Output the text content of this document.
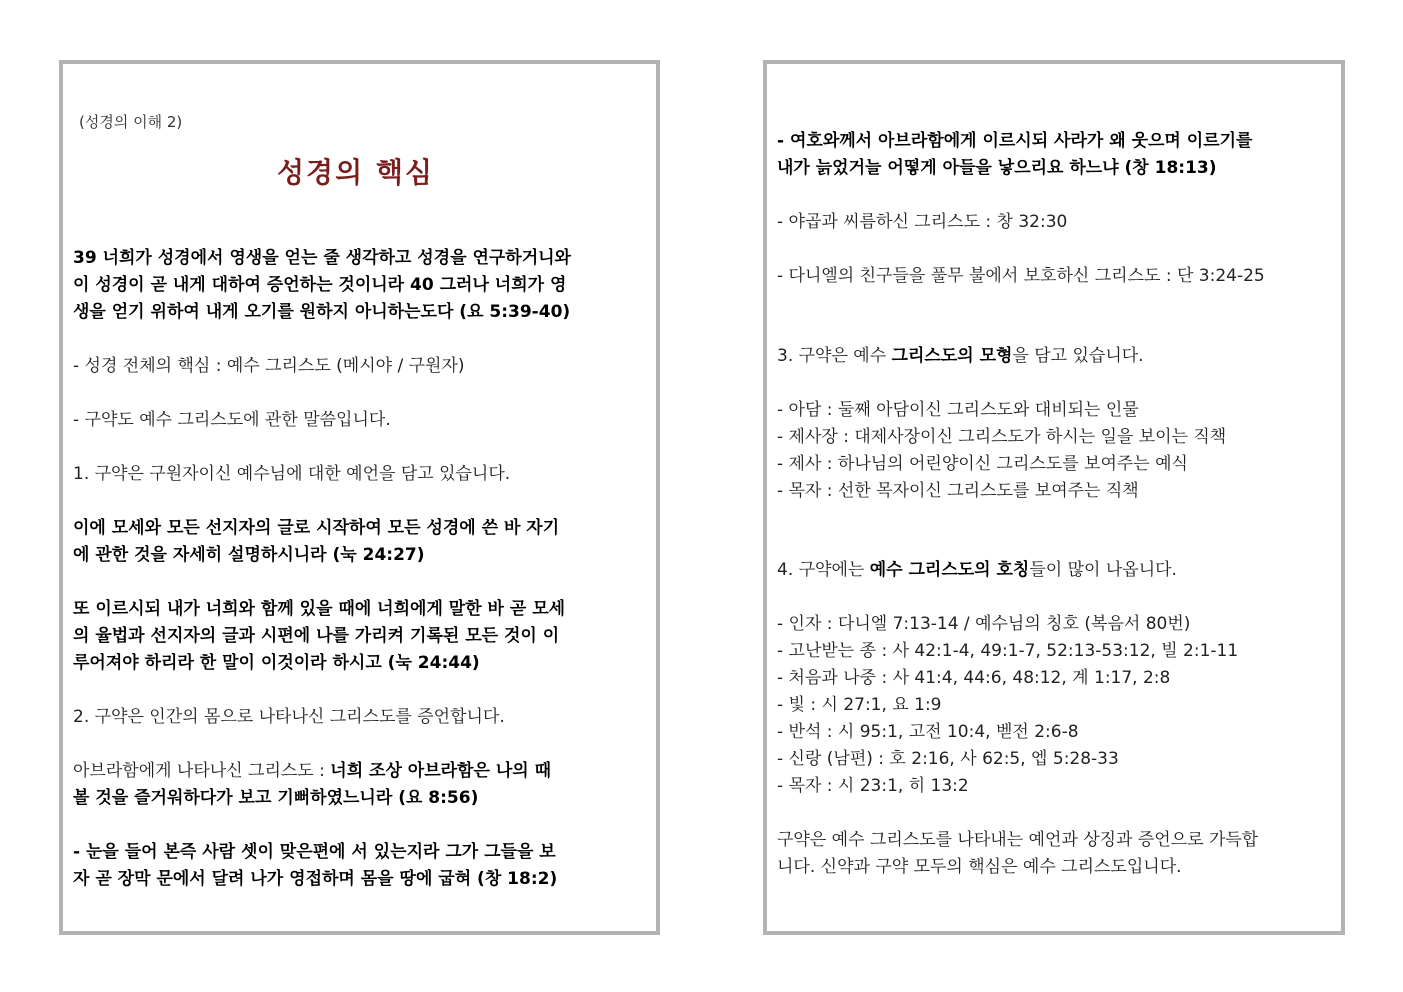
(성경의 이해 2)
성경의 핵심
39 너희가 성경에서 영생을 얻는 줄 생각하고 성경을 연구하거니와
이 성경이 곧 내게 대하여 증언하는 것이니라 40 그러나 너희가 영
생을 얻기 위하여 내게 오기를 원하지 아니하는도다 (요 5:39-40)
- 성경 전체의 핵심 : 예수 그리스도 (메시야 / 구원자)
- 구약도 예수 그리스도에 관한 말씀입니다.
1. 구약은 구원자이신 예수님에 대한 예언을 담고 있습니다.
이에 모세와 모든 선지자의 글로 시작하여 모든 성경에 쓴 바 자기
에 관한 것을 자세히 설명하시니라 (눅 24:27)
또 이르시되 내가 너희와 함께 있을 때에 너희에게 말한 바 곧 모세
의 율법과 선지자의 글과 시편에 나를 가리켜 기록된 모든 것이 이
루어져야 하리라 한 말이 이것이라 하시고 (눅 24:44)
2. 구약은 인간의 몸으로 나타나신 그리스도를 증언합니다.
아브라함에게 나타나신 그리스도 : 너희 조상 아브라함은 나의 때
볼 것을 즐거워하다가 보고 기뻐하였느니라 (요 8:56)
- 눈을 들어 본즉 사람 셋이 맞은편에 서 있는지라 그가 그들을 보
자 곧 장막 문에서 달려 나가 영접하며 몸을 땅에 굽혀 (창 18:2)
- 여호와께서 아브라함에게 이르시되 사라가 왜 웃으며 이르기를
내가 늙었거늘 어떻게 아들을 낳으리요 하느냐 (창 18:13)
- 야곱과 씨름하신 그리스도 : 창 32:30
- 다니엘의 친구들을 풀무 불에서 보호하신 그리스도 : 단 3:24-25
3. 구약은 예수 그리스도의 모형을 담고 있습니다.
- 아담 : 둘째 아담이신 그리스도와 대비되는 인물
- 제사장 : 대제사장이신 그리스도가 하시는 일을 보이는 직책
- 제사 : 하나님의 어린양이신 그리스도를 보여주는 예식
- 목자 : 선한 목자이신 그리스도를 보여주는 직책
4. 구약에는 예수 그리스도의 호칭들이 많이 나옵니다.
- 인자 : 다니엘 7:13-14 / 예수님의 칭호 (복음서 80번)
- 고난받는 종 : 사 42:1-4, 49:1-7, 52:13-53:12, 빌 2:1-11
- 처음과 나중 : 사 41:4, 44:6, 48:12, 계 1:17, 2:8
- 빛 : 시 27:1, 요 1:9
- 반석 : 시 95:1, 고전 10:4, 벧전 2:6-8
- 신랑 (남편) : 호 2:16, 사 62:5, 엡 5:28-33
- 목자 : 시 23:1, 히 13:2
구약은 예수 그리스도를 나타내는 예언과 상징과 증언으로 가득합
니다. 신약과 구약 모두의 핵심은 예수 그리스도입니다.
